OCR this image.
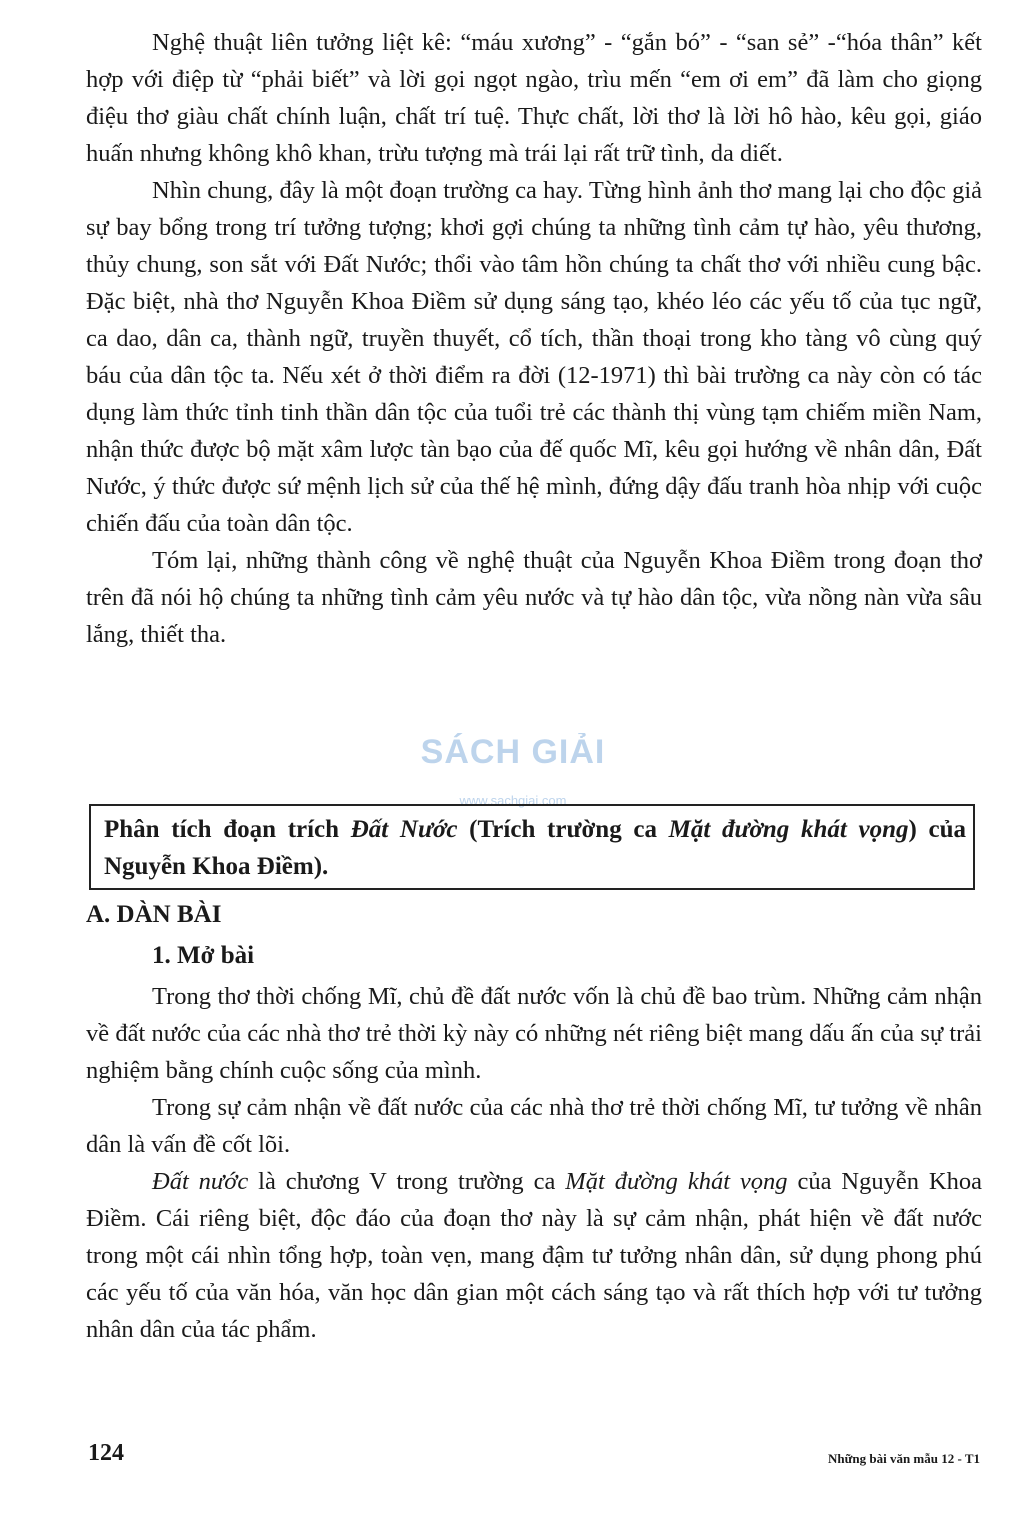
Nghệ thuật liên tưởng liệt kê: “máu xương” - “gắn bó” - “san sẻ” -“hóa thân” kết hợp với điệp từ “phải biết” và lời gọi ngọt ngào, trìu mến “em ơi em” đã làm cho giọng điệu thơ giàu chất chính luận, chất trí tuệ. Thực chất, lời thơ là lời hô hào, kêu gọi, giáo huấn nhưng không khô khan, trừu tượng mà trái lại rất trữ tình, da diết.

Nhìn chung, đây là một đoạn trường ca hay. Từng hình ảnh thơ mang lại cho độc giả sự bay bổng trong trí tưởng tượng; khơi gợi chúng ta những tình cảm tự hào, yêu thương, thủy chung, son sắt với Đất Nước; thổi vào tâm hồn chúng ta chất thơ với nhiều cung bậc. Đặc biệt, nhà thơ Nguyễn Khoa Điềm sử dụng sáng tạo, khéo léo các yếu tố của tục ngữ, ca dao, dân ca, thành ngữ, truyền thuyết, cổ tích, thần thoại trong kho tàng vô cùng quý báu của dân tộc ta. Nếu xét ở thời điểm ra đời (12-1971) thì bài trường ca này còn có tác dụng làm thức tỉnh tinh thần dân tộc của tuổi trẻ các thành thị vùng tạm chiếm miền Nam, nhận thức được bộ mặt xâm lược tàn bạo của đế quốc Mĩ, kêu gọi hướng về nhân dân, Đất Nước, ý thức được sứ mệnh lịch sử của thế hệ mình, đứng dậy đấu tranh hòa nhịp với cuộc chiến đấu của toàn dân tộc.

Tóm lại, những thành công về nghệ thuật của Nguyễn Khoa Điềm trong đoạn thơ trên đã nói hộ chúng ta những tình cảm yêu nước và tự hào dân tộc, vừa nồng nàn vừa sâu lắng, thiết tha.

SÁCH GIẢI
www.sachgiai.com
Phân tích đoạn trích Đất Nước (Trích trường ca Mặt đường khát vọng) của Nguyễn Khoa Điềm).
A. DÀN BÀI
1. Mở bài

Trong thơ thời chống Mĩ, chủ đề đất nước vốn là chủ đề bao trùm. Những cảm nhận về đất nước của các nhà thơ trẻ thời kỳ này có những nét riêng biệt mang dấu ấn của sự trải nghiệm bằng chính cuộc sống của mình.

Trong sự cảm nhận về đất nước của các nhà thơ trẻ thời chống Mĩ, tư tưởng về nhân dân là vấn đề cốt lõi.

Đất nước là chương V trong trường ca Mặt đường khát vọng của Nguyễn Khoa Điềm. Cái riêng biệt, độc đáo của đoạn thơ này là sự cảm nhận, phát hiện về đất nước trong một cái nhìn tổng hợp, toàn vẹn, mang đậm tư tưởng nhân dân, sử dụng phong phú các yếu tố của văn hóa, văn học dân gian một cách sáng tạo và rất thích hợp với tư tưởng nhân dân của tác phẩm.

124	Những bài văn mẫu 12 - T1
